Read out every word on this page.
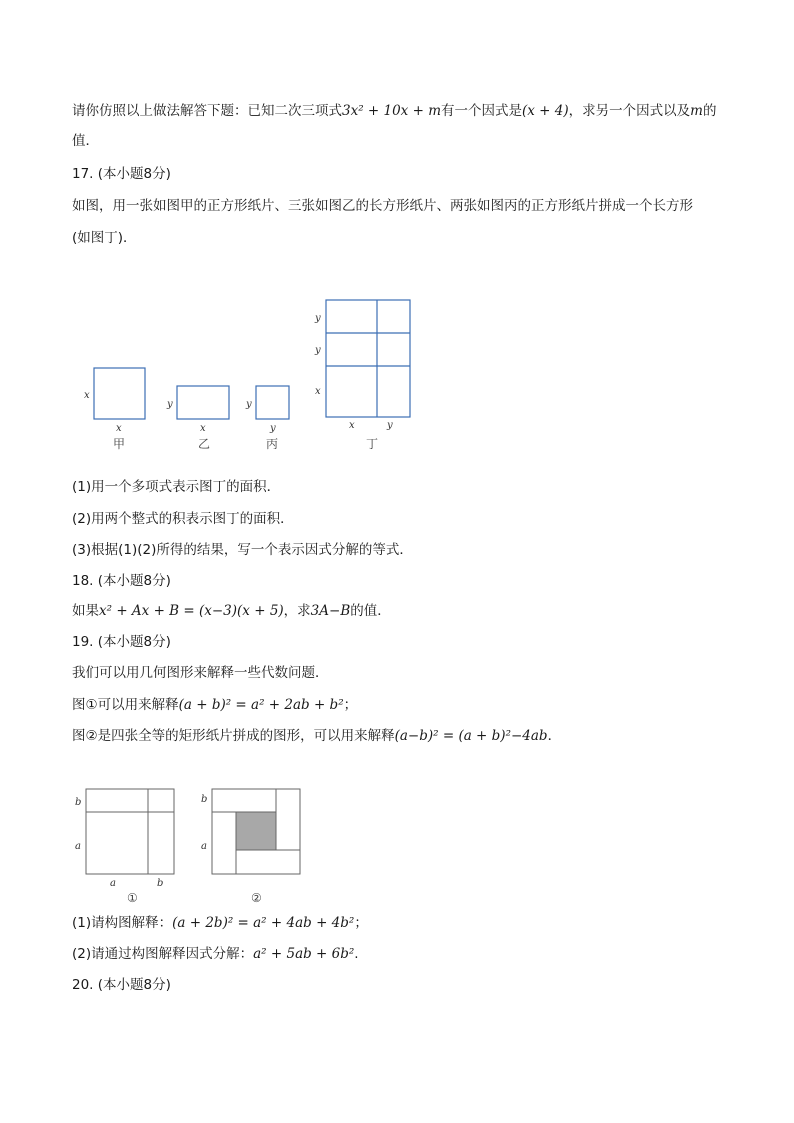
请你仿照以上做法解答下题：已知二次三项式3x² + 10x + m有一个因式是(x + 4)，求另一个因式以及m的
值．
17. (本小题8分)
如图，用一张如图甲的正方形纸片、三张如图乙的长方形纸片、两张如图丙的正方形纸片拼成一个长方形
(如图丁)．
x
x
甲
y
x
乙
y
y
丙
y
y
x
x	y
丁
(1)用一个多项式表示图丁的面积．
(2)用两个整式的积表示图丁的面积．
(3)根据(1)(2)所得的结果，写一个表示因式分解的等式．
18. (本小题8分)
如果x² + Ax + B = (x−3)(x + 5)，求3A−B的值．
19. (本小题8分)
我们可以用几何图形来解释一些代数问题．
图①可以用来解释(a + b)² = a² + 2ab + b²；
图②是四张全等的矩形纸片拼成的图形，可以用来解释(a−b)² = (a + b)²−4ab．
b
a
a	b
①
b
a
②
(1)请构图解释：(a + 2b)² = a² + 4ab + 4b²；
(2)请通过构图解释因式分解：a² + 5ab + 6b².
20. (本小题8分)
